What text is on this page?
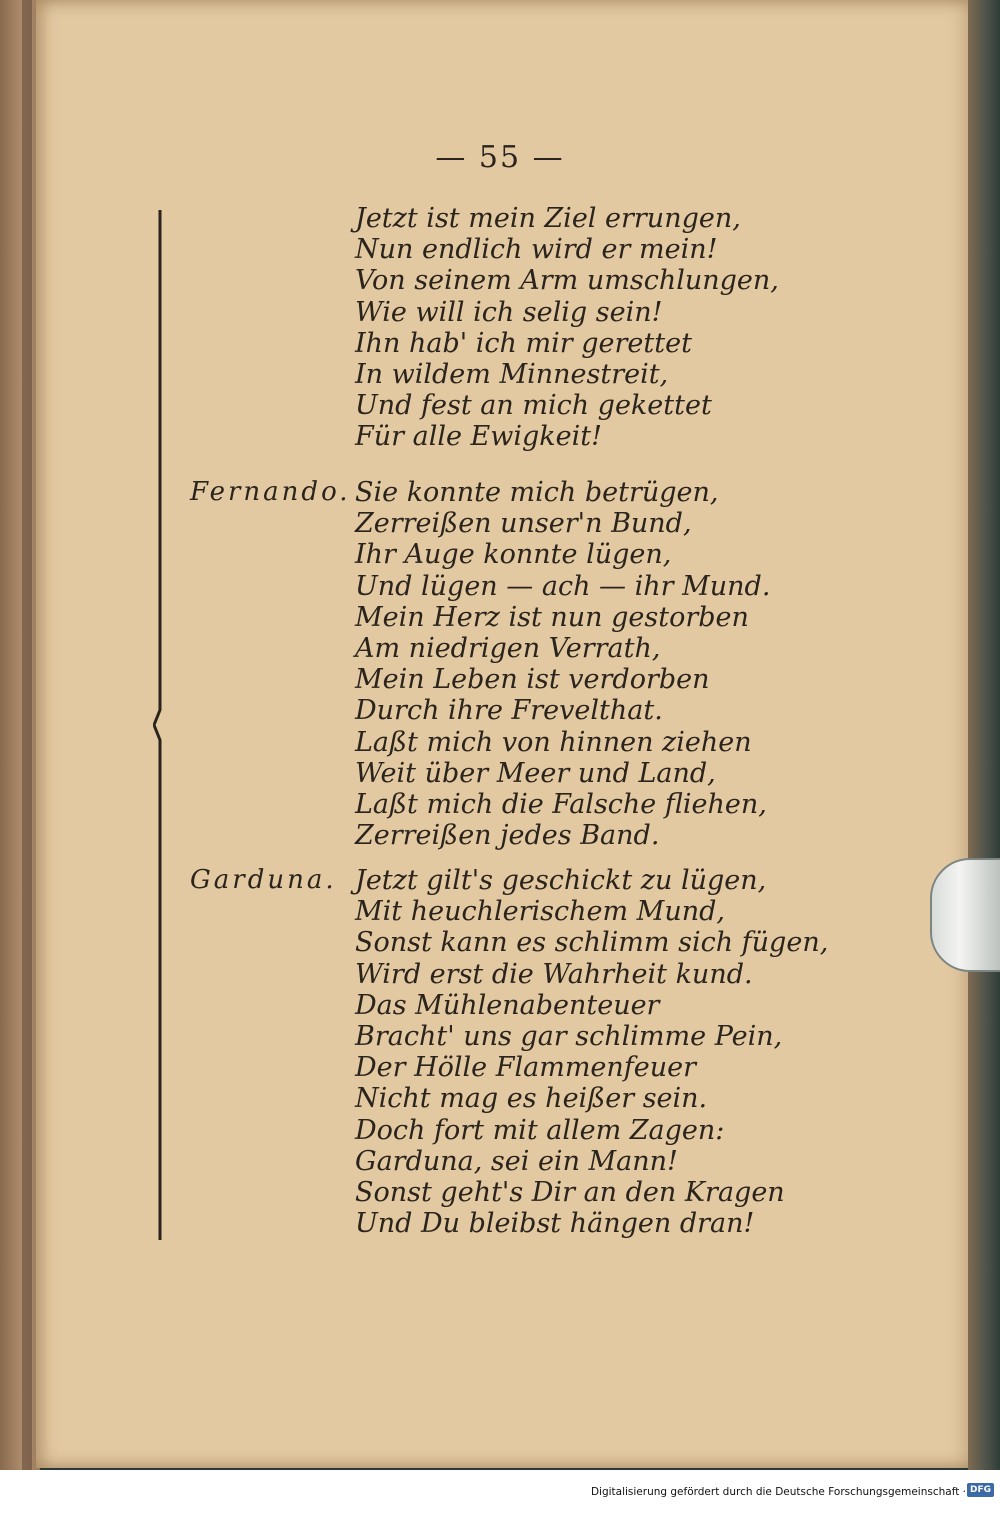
— 55 —
Jetzt ist mein Ziel errungen,
Nun endlich wird er mein!
Von seinem Arm umschlungen,
Wie will ich selig sein!
Ihn hab' ich mir gerettet
In wildem Minnestreit,
Und fest an mich gekettet
Für alle Ewigkeit!
Fernando. Sie konnte mich betrügen,
Zerreißen unser'n Bund,
Ihr Auge konnte lügen,
Und lügen — ach — ihr Mund.
Mein Herz ist nun gestorben
Am niedrigen Verrath,
Mein Leben ist verdorben
Durch ihre Frevelthat.
Laßt mich von hinnen ziehen
Weit über Meer und Land,
Laßt mich die Falsche fliehen,
Zerreißen jedes Band.
Garduna. Jetzt gilt's geschickt zu lügen,
Mit heuchlerischem Mund,
Sonst kann es schlimm sich fügen,
Wird erst die Wahrheit kund.
Das Mühlenabenteuer
Bracht' uns gar schlimme Pein,
Der Hölle Flammenfeuer
Nicht mag es heißer sein.
Doch fort mit allem Zagen:
Garduna, sei ein Mann!
Sonst geht's Dir an den Kragen
Und Du bleibst hängen dran!
Digitalisierung gefördert durch die Deutsche Forschungsgemeinschaft · DFG
